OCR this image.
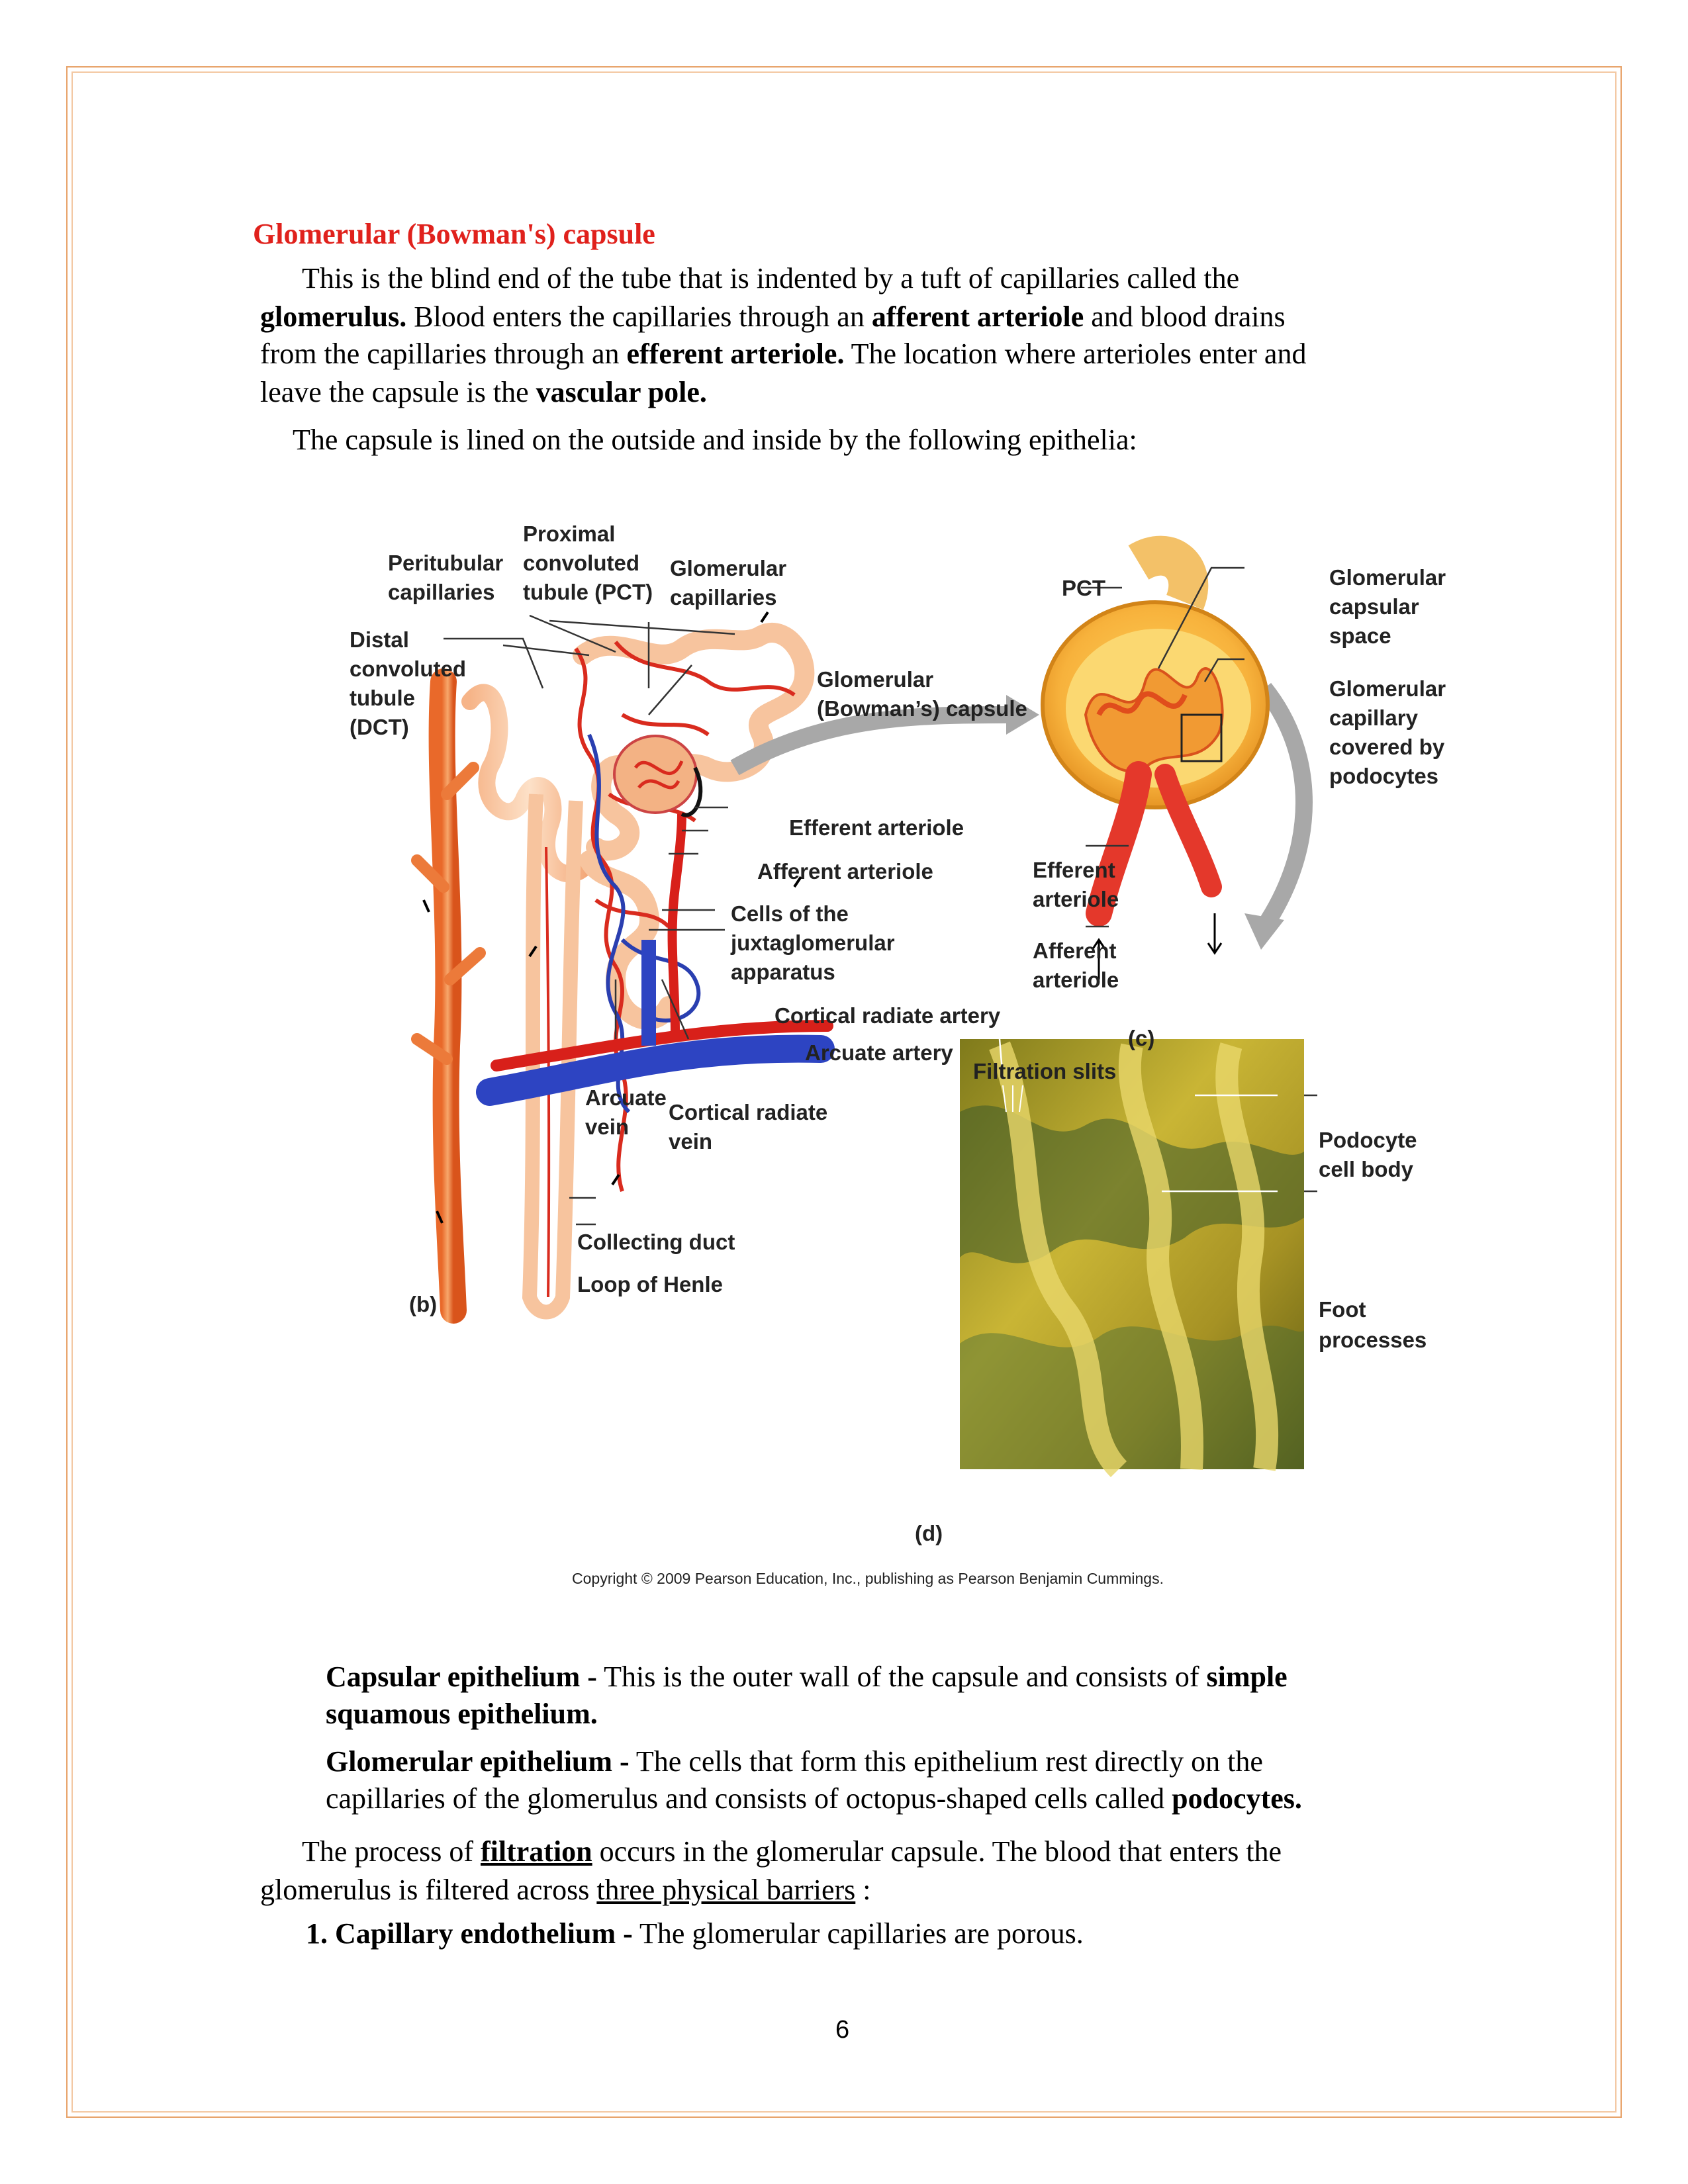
Glomerular (Bowman's) capsule
This is the blind end of the tube that is indented by a tuft of capillaries called the
glomerulus. Blood enters the capillaries through an afferent arteriole and blood drains
from the capillaries through an efferent arteriole. The location where arterioles enter and
leave the capsule is the vascular pole.
The capsule is lined on the outside and inside by the following epithelia:
Proximal
convoluted
tubule (PCT)
Peritubular
capillaries
Glomerular
capillaries
Distal
convoluted
tubule
(DCT)
Glomerular
(Bowman’s) capsule
Efferent arteriole
Afferent arteriole
Cells of the
juxtaglomerular
apparatus
Cortical radiate artery
Arcuate artery
Arcuate
vein
Cortical radiate
vein
Collecting duct
Loop of Henle
(b)
PCT	Glomerular
capsular
space
Glomerular
capillary
covered by
podocytes
Efferent
arteriole
Afferent
arteriole
(c)
Filtration slits
Podocyte
cell body
Foot
processes
(d)
Copyright © 2009 Pearson Education, Inc., publishing as Pearson Benjamin Cummings.
Capsular epithelium - This is the outer wall of the capsule and consists of simple
squamous epithelium.
Glomerular epithelium - The cells that form this epithelium rest directly on the
capillaries of the glomerulus and consists of octopus-shaped cells called podocytes.
The process of filtration occurs in the glomerular capsule. The blood that enters the
glomerulus is filtered across three physical barriers :
1. Capillary endothelium - The glomerular capillaries are porous.
6
